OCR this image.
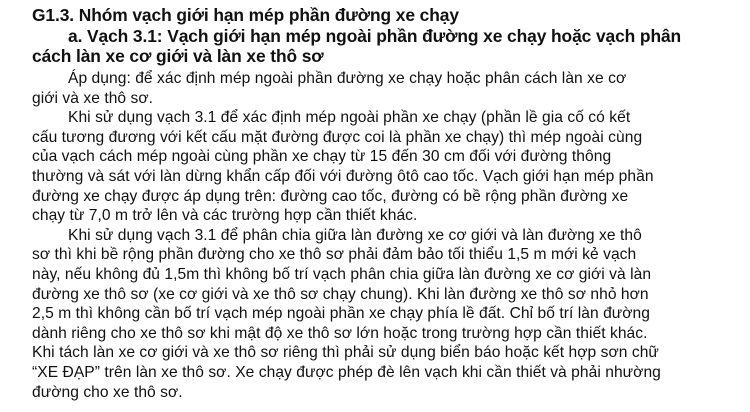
G1.3. Nhóm vạch giới hạn mép phần đường xe chạy
a. Vạch 3.1: Vạch giới hạn mép ngoài phần đường xe chạy hoặc vạch phân
cách làn xe cơ giới và làn xe thô sơ
Áp dụng: để xác định mép ngoài phần đường xe chạy hoặc phân cách làn xe cơ
giới và xe thô sơ.
Khi sử dụng vạch 3.1 để xác định mép ngoài phần xe chạy (phần lề gia cố có kết
cấu tương đương với kết cấu mặt đường được coi là phần xe chạy) thì mép ngoài cùng
của vạch cách mép ngoài cùng phần xe chạy từ 15 đến 30 cm đối với đường thông
thường và sát với làn dừng khẩn cấp đối với đường ôtô cao tốc. Vạch giới hạn mép phần
đường xe chạy được áp dụng trên: đường cao tốc, đường có bề rộng phần đường xe
chạy từ 7,0 m trở lên và các trường hợp cần thiết khác.
Khi sử dụng vạch 3.1 để phân chia giữa làn đường xe cơ giới và làn đường xe thô
sơ thì khi bề rộng phần đường cho xe thô sơ phải đảm bảo tối thiểu 1,5 m mới kẻ vạch
này, nếu không đủ 1,5m thì không bố trí vạch phân chia giữa làn đường xe cơ giới và làn
đường xe thô sơ (xe cơ giới và xe thô sơ chạy chung). Khi làn đường xe thô sơ nhỏ hơn
2,5 m thì không cần bố trí vạch mép ngoài phần xe chạy phía lề đất. Chỉ bố trí làn đường
dành riêng cho xe thô sơ khi mật độ xe thô sơ lớn hoặc trong trường hợp cần thiết khác.
Khi tách làn xe cơ giới và xe thô sơ riêng thì phải sử dụng biển báo hoặc kết hợp sơn chữ
“XE ĐẠP” trên làn xe thô sơ. Xe chạy được phép đè lên vạch khi cần thiết và phải nhường
đường cho xe thô sơ.
